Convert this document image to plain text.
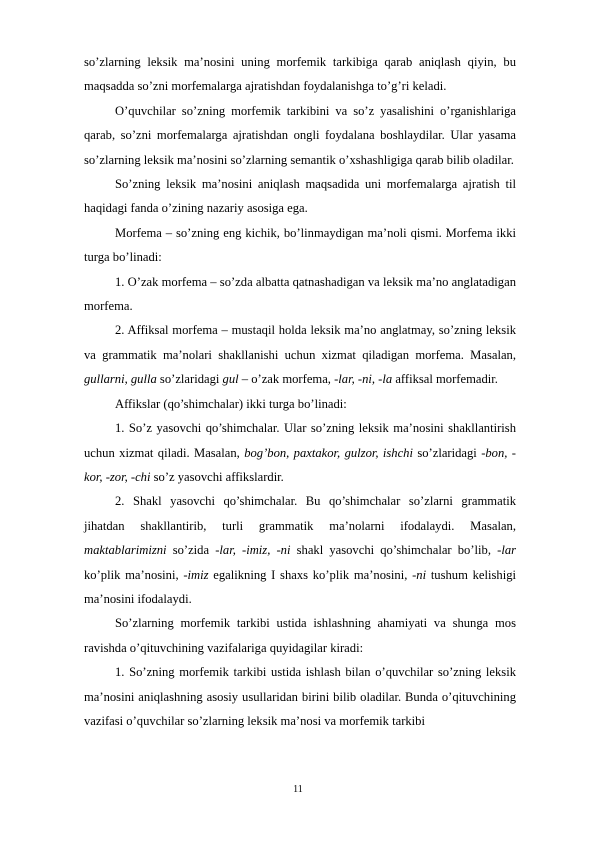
so’zlarning leksik ma’nosini uning morfemik tarkibiga qarab aniqlash qiyin, bu maqsadda so’zni morfemalarga ajratishdan foydalanishga to’g’ri keladi.

O’quvchilar so’zning morfemik tarkibini va so’z yasalishini o’rganishlariga qarab, so’zni morfemalarga ajratishdan ongli foydalana boshlaydilar. Ular yasama so’zlarning leksik ma’nosini so’zlarning semantik o’xshashligiga qarab bilib oladilar.

So’zning leksik ma’nosini aniqlash maqsadida uni morfemalarga ajratish til haqidagi fanda o’zining nazariy asosiga ega.

Morfema – so’zning eng kichik, bo’linmaydigan ma’noli qismi. Morfema ikki turga bo’linadi:

1. O’zak morfema – so’zda albatta qatnashadigan va leksik ma’no anglatadigan morfema.

2. Affiksal morfema – mustaqil holda leksik ma’no anglatmay, so’zning leksik va grammatik ma’nolari shakllanishi uchun xizmat qiladigan morfema. Masalan, gullarni, gulla so’zlaridagi gul – o’zak morfema, -lar, -ni, -la affiksal morfemadir.

Affikslar (qo’shimchalar) ikki turga bo’linadi:

1. So’z yasovchi qo’shimchalar. Ular so’zning leksik ma’nosini shakllantirish uchun xizmat qiladi. Masalan, bog’bon, paxtakor, gulzor, ishchi so’zlaridagi -bon, -kor, -zor, -chi so’z yasovchi affikslardir.

2. Shakl yasovchi qo’shimchalar. Bu qo’shimchalar so’zlarni grammatik jihatdan shakllantirib, turli grammatik ma’nolarni ifodalaydi. Masalan, maktablarimizni so’zida -lar, -imiz, -ni shakl yasovchi qo’shimchalar bo’lib, -lar ko’plik ma’nosini, -imiz egalikning I shaxs ko’plik ma’nosini, -ni tushum kelishigi ma’nosini ifodalaydi.

So’zlarning morfemik tarkibi ustida ishlashning ahamiyati va shunga mos ravishda o’qituvchining vazifalariga quyidagilar kiradi:

1. So’zning morfemik tarkibi ustida ishlash bilan o’quvchilar so’zning leksik ma’nosini aniqlashning asosiy usullaridan birini bilib oladilar. Bunda o’qituvchining vazifasi o’quvchilar so’zlarning leksik ma’nosi va morfemik tarkibi

11
